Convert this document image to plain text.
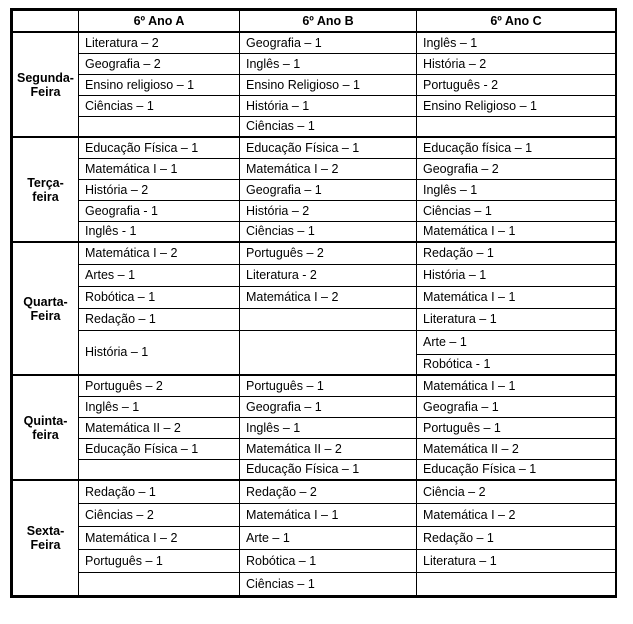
	6º Ano A	6º Ano B	6º Ano C
Segunda-​Feira	Literatura – 2	Geografia – 1	Inglês – 1
	Geografia – 2	Inglês – 1	História – 2
	Ensino religioso – 1	Ensino Religioso – 1	Português - 2
	Ciências – 1	História – 1	Ensino Religioso – 1
		Ciências – 1	
Terça-​feira	Educação Física – 1	Educação Física – 1	Educação física – 1
	Matemática I – 1	Matemática I – 2	Geografia – 2
	História – 2	Geografia – 1	Inglês – 1
	Geografia - 1	História – 2	Ciências – 1
	Inglês - 1	Ciências – 1	Matemática I – 1
Quarta-​Feira	Matemática I – 2	Português – 2	Redação – 1
	Artes – 1	Literatura - 2	História – 1
	Robótica – 1	Matemática I – 2	Matemática I – 1
	Redação – 1		Literatura – 1
	História – 1		Arte – 1
			Robótica - 1
Quinta-​feira	Português – 2	Português – 1	Matemática I – 1
	Inglês – 1	Geografia – 1	Geografia – 1
	Matemática II – 2	Inglês – 1	Português – 1
	Educação Física – 1	Matemática II – 2	Matemática II – 2
		Educação Física – 1	Educação Física – 1
Sexta-​Feira	Redação – 1	Redação – 2	Ciência – 2
	Ciências – 2	Matemática I – 1	Matemática I – 2
	Matemática I – 2	Arte – 1	Redação – 1
	Português – 1	Robótica – 1	Literatura – 1
		Ciências – 1	
